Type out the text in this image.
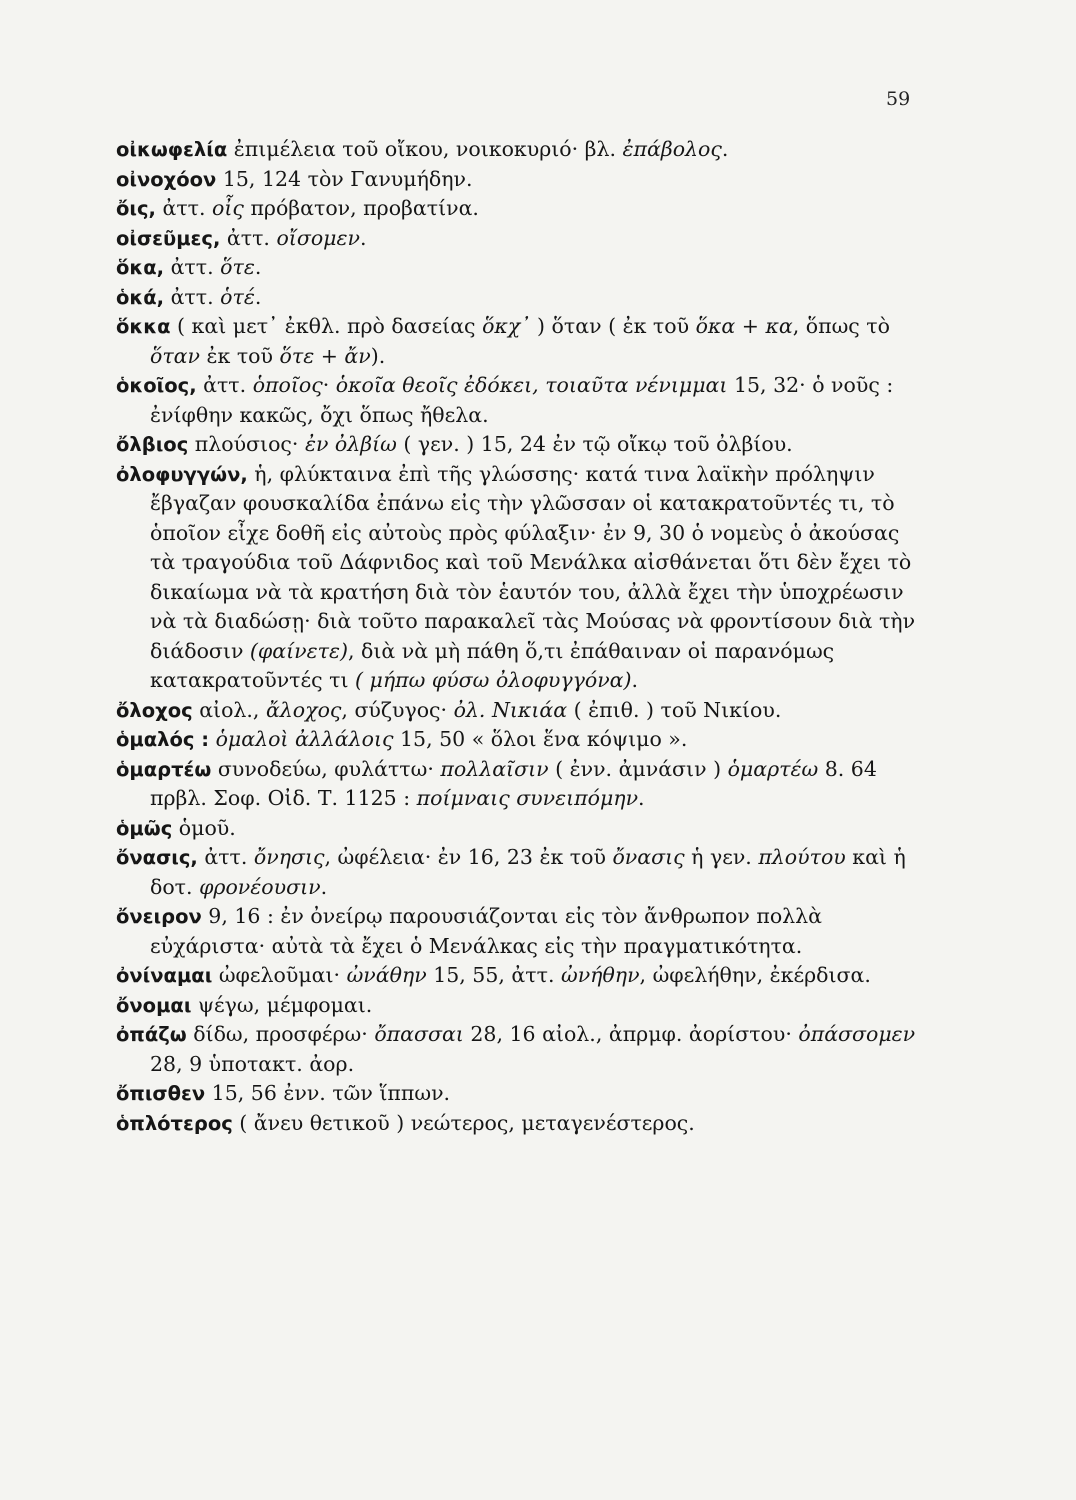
59

οἰκωφελία ἐπιμέλεια τοῦ οἴκου, νοικοκυριό· βλ. ἐπάβολος.

οἰνοχόον 15, 124 τὸν Γανυμήδην.

ὄις, ἀττ. οἶς πρόβατον, προβατίνα.

οἰσεῦμες, ἀττ. οἴσομεν.

ὅκα, ἀττ. ὅτε.

ὁκά, ἀττ. ὁτέ.

ὅκκα ( καὶ μετ᾽ ἐκθλ. πρὸ δασείας ὅκχ᾽ ) ὅταν ( ἐκ τοῦ ὅκα + κα, ὅπως τὸ ὅταν ἐκ τοῦ ὅτε + ἄν).

ὁκοῖος, ἀττ. ὁποῖος· ὁκοῖα θεοῖς ἐδόκει, τοιαῦτα νένιμμαι 15, 32· ὁ νοῦς : ἐνίφθην κακῶς, ὄχι ὅπως ἤθελα.

ὄλβιος πλούσιος· ἐν ὀλβίω ( γεν. ) 15, 24 ἐν τῷ οἴκῳ τοῦ ὀλβίου.

ὀλοφυγγών, ἡ, φλύκταινα ἐπὶ τῆς γλώσσης· κατά τινα λαϊκὴν πρόληψιν ἔβγαζαν φουσκαλίδα ἐπάνω εἰς τὴν γλῶσσαν οἱ κατακρατοῦντές τι, τὸ ὁποῖον εἶχε δοθῆ εἰς αὐτοὺς πρὸς φύλαξιν· ἐν 9, 30 ὁ νομεὺς ὁ ἀκούσας τὰ τραγούδια τοῦ Δάφνιδος καὶ τοῦ Μενάλκα αἰσθάνεται ὅτι δὲν ἔχει τὸ δικαίωμα νὰ τὰ κρατήση διὰ τὸν ἑαυτόν του, ἀλλὰ ἔχει τὴν ὑποχρέωσιν νὰ τὰ διαδώσῃ· διὰ τοῦτο παρακαλεῖ τὰς Μούσας νὰ φροντίσουν διὰ τὴν διάδοσιν (φαίνετε), διὰ νὰ μὴ πάθη ὅ,τι ἐπάθαιναν οἱ παρανόμως κατακρατοῦντές τι ( μήπω φύσω ὀλοφυγγόνα).

ὄλοχος αἰολ., ἄλοχος, σύζυγος· ὀλ. Νικιάα ( ἐπιθ. ) τοῦ Νικίου.

ὁμαλός : ὁμαλοὶ ἀλλάλοις 15, 50 « ὅλοι ἕνα κόψιμο ».

ὁμαρτέω συνοδεύω, φυλάττω· πολλαῖσιν ( ἐνν. ἀμνάσιν ) ὁμαρτέω 8. 64 πρβλ. Σοφ. Οἰδ. Τ. 1125 : ποίμναις συνειπόμην.

ὁμῶς ὁμοῦ.

ὄνασις, ἀττ. ὄνησις, ὠφέλεια· ἐν 16, 23 ἐκ τοῦ ὄνασις ἡ γεν. πλούτου καὶ ἡ δοτ. φρονέουσιν.

ὄνειρον 9, 16 : ἐν ὀνείρῳ παρουσιάζονται εἰς τὸν ἄνθρωπον πολλὰ εὐχάριστα· αὐτὰ τὰ ἔχει ὁ Μενάλκας εἰς τὴν πραγματικότητα.

ὀνίναμαι ὠφελοῦμαι· ὠνάθην 15, 55, ἀττ. ὠνήθην, ὠφελήθην, ἐκέρδισα.

ὄνομαι ψέγω, μέμφομαι.

ὀπάζω δίδω, προσφέρω· ὄπασσαι 28, 16 αἰολ., ἀπρμφ. ἀορίστου· ὀπάσσομεν 28, 9 ὑποτακτ. ἀορ.

ὄπισθεν 15, 56 ἐνν. τῶν ἵππων.

ὁπλότερος ( ἄνευ θετικοῦ ) νεώτερος, μεταγενέστερος.
